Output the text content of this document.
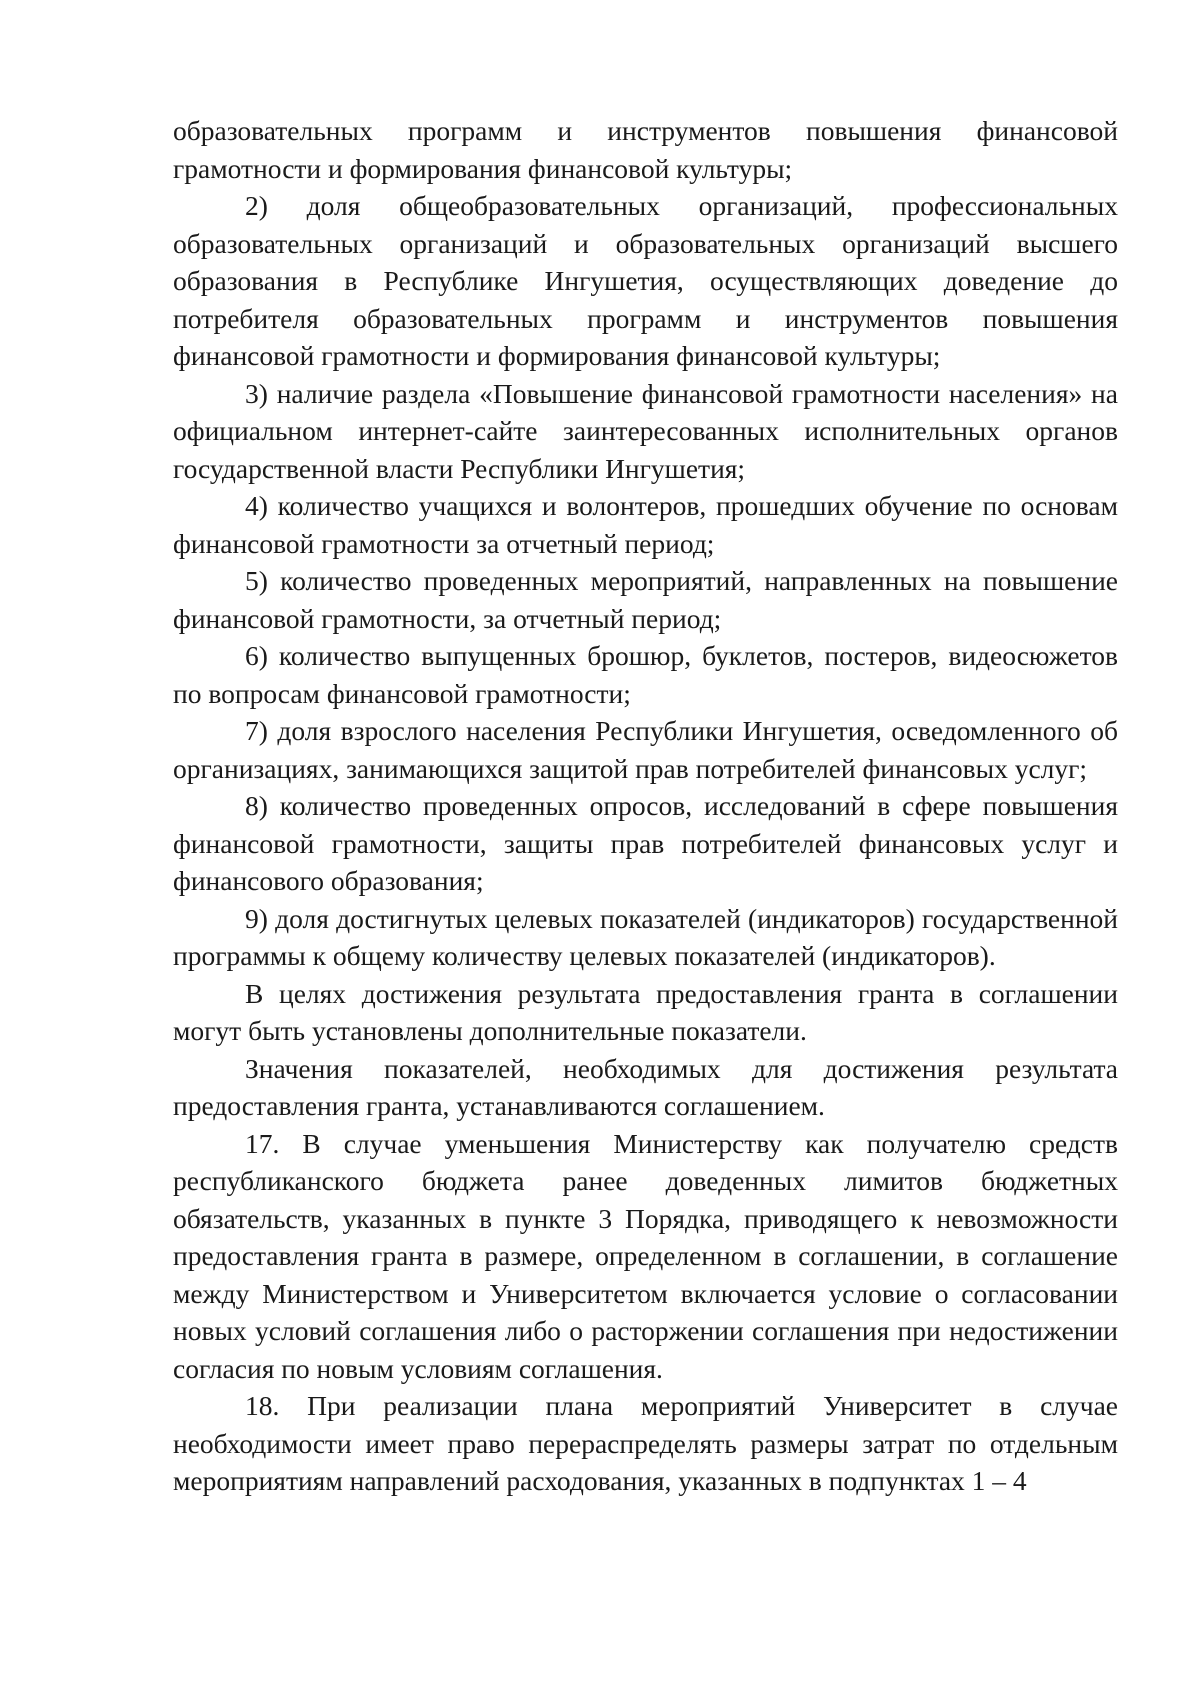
образовательных программ и инструментов повышения финансовой грамотности и формирования финансовой культуры;

2) доля общеобразовательных организаций, профессиональных образовательных организаций и образовательных организаций высшего образования в Республике Ингушетия, осуществляющих доведение до потребителя образовательных программ и инструментов повышения финансовой грамотности и формирования финансовой культуры;

3) наличие раздела «Повышение финансовой грамотности населения» на официальном интернет-сайте заинтересованных исполнительных органов государственной власти Республики Ингушетия;

4) количество учащихся и волонтеров, прошедших обучение по основам финансовой грамотности за отчетный период;

5) количество проведенных мероприятий, направленных на повышение финансовой грамотности, за отчетный период;

6) количество выпущенных брошюр, буклетов, постеров, видеосюжетов по вопросам финансовой грамотности;

7) доля взрослого населения Республики Ингушетия, осведомленного об организациях, занимающихся защитой прав потребителей финансовых услуг;

8) количество проведенных опросов, исследований в сфере повышения финансовой грамотности, защиты прав потребителей финансовых услуг и финансового образования;

9) доля достигнутых целевых показателей (индикаторов) государственной программы к общему количеству целевых показателей (индикаторов).

В целях достижения результата предоставления гранта в соглашении могут быть установлены дополнительные показатели.

Значения показателей, необходимых для достижения результата предоставления гранта, устанавливаются соглашением.

17. В случае уменьшения Министерству как получателю средств республиканского бюджета ранее доведенных лимитов бюджетных обязательств, указанных в пункте 3 Порядка, приводящего к невозможности предоставления гранта в размере, определенном в соглашении, в соглашение между Министерством и Университетом включается условие о согласовании новых условий соглашения либо о расторжении соглашения при недостижении согласия по новым условиям соглашения.

18. При реализации плана мероприятий Университет в случае необходимости имеет право перераспределять размеры затрат по отдельным мероприятиям направлений расходования, указанных в подпунктах 1 – 4
